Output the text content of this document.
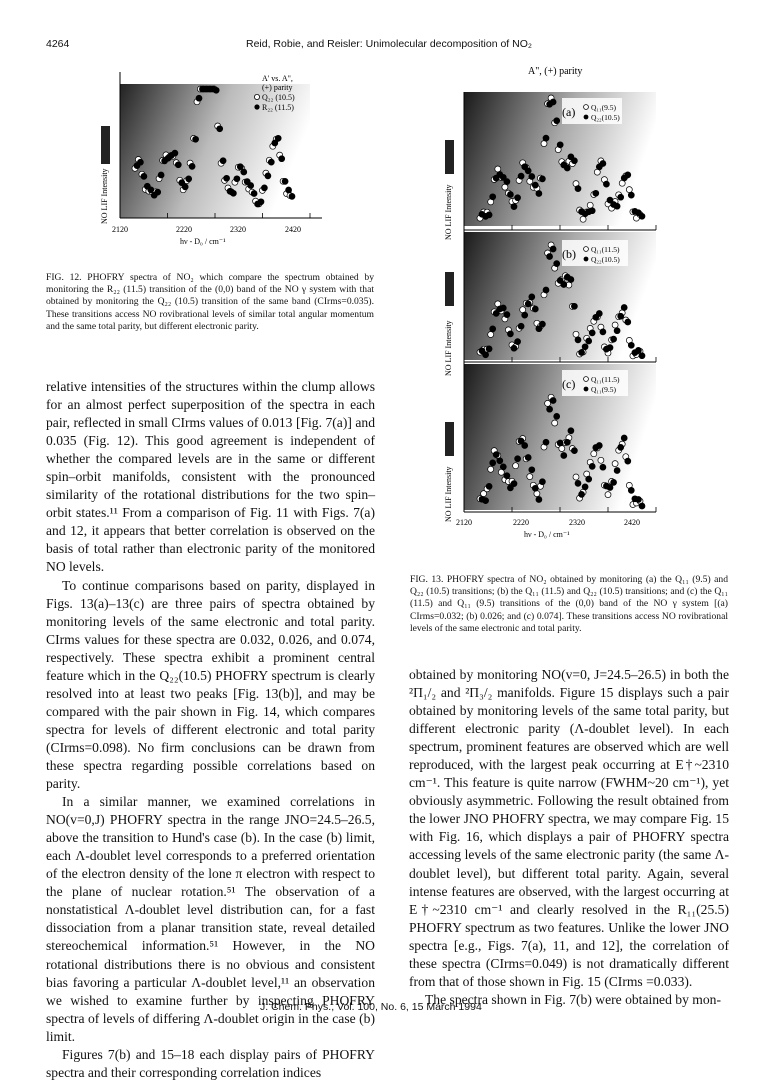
4264	Reid, Robie, and Reisler: Unimolecular decomposition of NO₂
A' vs. A",
(+) parity
Q₂₂ (10.5)
R₂₂ (11.5)
NO LIF Intensity
2120	2220	2320	2420
hν - D₀ / cm⁻¹
FIG. 12. PHOFRY spectra of NO₂ which compare the spectrum obtained by monitoring the R₂₂ (11.5) transition of the (0,0) band of the NO γ system with that obtained by monitoring the Q₂₂ (10.5) transition of the same band (CIrms=0.035). These transitions access NO rovibrational levels of similar total angular momentum and the same total parity, but different electronic parity.
A", (+) parity
(a) Q₁₁(9.5)
Q₂₂(10.5)
(b) Q₁₁(11.5)
Q₂₂(10.5)
(c) Q₁₁(11.5)
Q₁₁(9.5)
NO LIF Intensity
NO LIF Intensity
NO LIF Intensity
2120	2220	2320	2420
hν - D₀ / cm⁻¹
FIG. 13. PHOFRY spectra of NO₂ obtained by monitoring (a) the Q₁₁ (9.5) and Q₂₂ (10.5) transitions; (b) the Q₁₁ (11.5) and Q₂₂ (10.5) transitions; and (c) the Q₁₁ (11.5) and Q₁₁ (9.5) transitions of the (0,0) band of the NO γ system [(a) CIrms=0.032; (b) 0.026; and (c) 0.074]. These transitions access NO rovibrational levels of the same electronic and total parity.

relative intensities of the structures within the clump allows for an almost perfect superposition of the spectra in each pair, reflected in small CIrms values of 0.013 [Fig. 7(a)] and 0.035 (Fig. 12). This good agreement is independent of whether the compared levels are in the same or different spin–orbit manifolds, consistent with the pronounced similarity of the rotational distributions for the two spin–orbit states.¹¹ From a comparison of Fig. 11 with Figs. 7(a) and 12, it appears that better correlation is observed on the basis of total rather than electronic parity of the monitored NO levels.

To continue comparisons based on parity, displayed in Figs. 13(a)–13(c) are three pairs of spectra obtained by monitoring levels of the same electronic and total parity. CIrms values for these spectra are 0.032, 0.026, and 0.074, respectively. These spectra exhibit a prominent central feature which in the Q₂₂(10.5) PHOFRY spectrum is clearly resolved into at least two peaks [Fig. 13(b)], and may be compared with the pair shown in Fig. 14, which compares spectra for levels of different electronic and total parity (CIrms=0.098). No firm conclusions can be drawn from these spectra regarding possible correlations based on parity.

In a similar manner, we examined correlations in NO(v=0,J) PHOFRY spectra in the range JNO=24.5–26.5, above the transition to Hund's case (b). In the case (b) limit, each Λ-doublet level corresponds to a preferred orientation of the electron density of the lone π electron with respect to the plane of nuclear rotation.⁵¹ The observation of a nonstatistical Λ-doublet level distribution can, for a fast dissociation from a planar transition state, reveal detailed stereochemical information.⁵¹ However, in the NO rotational distributions there is no obvious and consistent bias favoring a particular Λ-doublet level,¹¹ an observation we wished to examine further by inspecting PHOFRY spectra of levels of differing Λ-doublet origin in the case (b) limit.

Figures 7(b) and 15–18 each display pairs of PHOFRY spectra and their corresponding correlation indices

obtained by monitoring NO(v=0, J=24.5–26.5) in both the ²Π₁/₂ and ²Π₃/₂ manifolds. Figure 15 displays such a pair obtained by monitoring levels of the same total parity, but different electronic parity (Λ-doublet level). In each spectrum, prominent features are observed which are well reproduced, with the largest peak occurring at E†~2310 cm⁻¹. This feature is quite narrow (FWHM~20 cm⁻¹), yet obviously asymmetric. Following the result obtained from the lower JNO PHOFRY spectra, we may compare Fig. 15 with Fig. 16, which displays a pair of PHOFRY spectra accessing levels of the same electronic parity (the same Λ-doublet level), but different total parity. Again, several intense features are observed, with the largest occurring at E†~2310 cm⁻¹ and clearly resolved in the R₁₁(25.5) PHOFRY spectrum as two features. Unlike the lower JNO spectra [e.g., Figs. 7(a), 11, and 12], the correlation of these spectra (CIrms=0.049) is not dramatically different from that of those shown in Fig. 15 (CIrms =0.033).

The spectra shown in Fig. 7(b) were obtained by mon-

J. Chem. Phys., Vol. 100, No. 6, 15 March 1994
